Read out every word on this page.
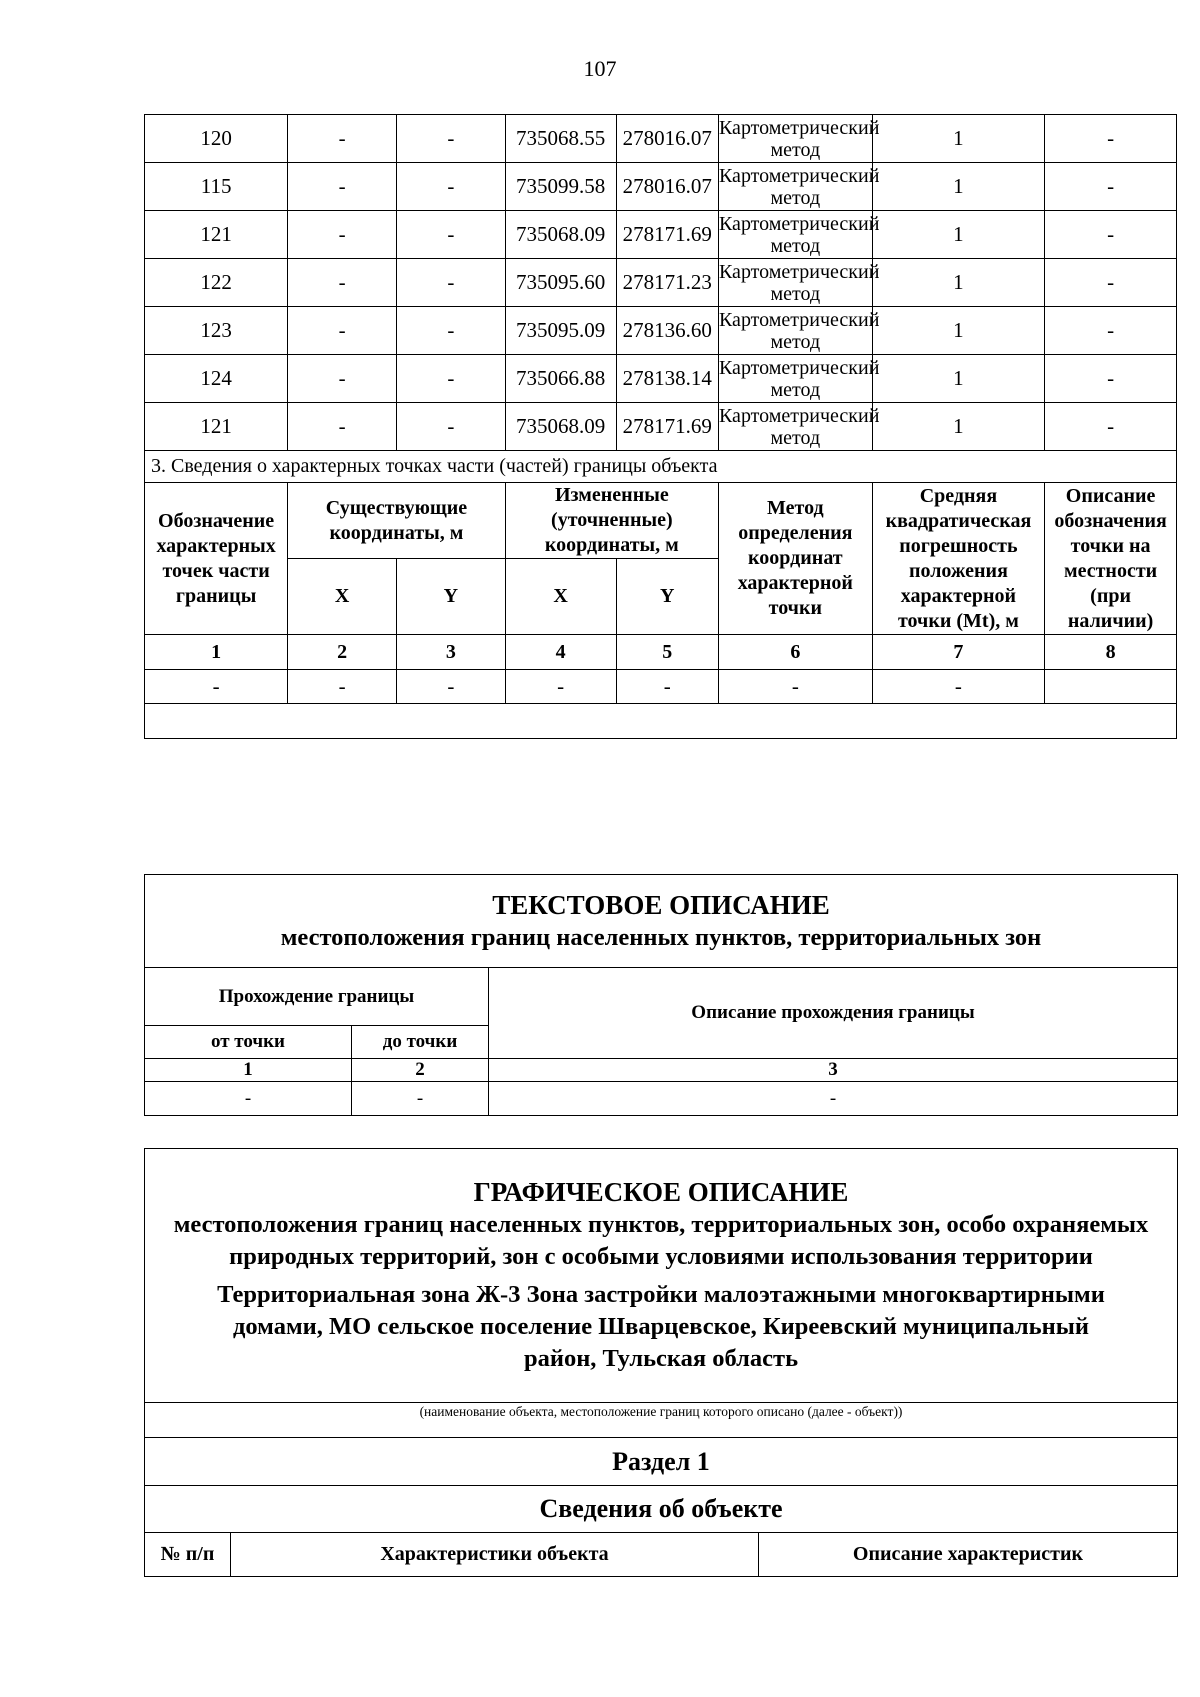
107
120	-	-	735068.55	278016.07	Картометрический метод	1	-
115	-	-	735099.58	278016.07	Картометрический метод	1	-
121	-	-	735068.09	278171.69	Картометрический метод	1	-
122	-	-	735095.60	278171.23	Картометрический метод	1	-
123	-	-	735095.09	278136.60	Картометрический метод	1	-
124	-	-	735066.88	278138.14	Картометрический метод	1	-
121	-	-	735068.09	278171.69	Картометрический метод	1	-
3. Сведения о характерных точках части (частей) границы объекта							
Обозначение характерных точек части границы	Существующие координаты, м		Измененные (уточненные) координаты, м		Метод определения координат характерной точки	Средняя квадратическая погрешность положения характерной точки (Mt), м	Описание обозначения точки на местности (при наличии)
	X	Y	X	Y			
1	2	3	4	5	6	7	8
-	-	-	-	-	-	-	

ТЕКСТОВОЕ ОПИСАНИЕ
местоположения границ населенных пунктов, территориальных зон		

Прохождение границы		Описание прохождения границы
от точки	до точки	
1	2	3
-	-	-
ГРАФИЧЕСКОЕ ОПИСАНИЕ
местоположения границ населенных пунктов, территориальных зон, особо охраняемых природных территорий, зон с особыми условиями использования территории
Территориальная зона Ж-3 Зона застройки малоэтажными многоквартирными домами, МО сельское поселение Шварцевское, Киреевский муниципальный район, Тульская область

(наименование объекта, местоположение границ которого описано (далее - объект))
Раздел 1
Сведения об объекте
№ п/п	Характеристики объекта	Описание характеристик
